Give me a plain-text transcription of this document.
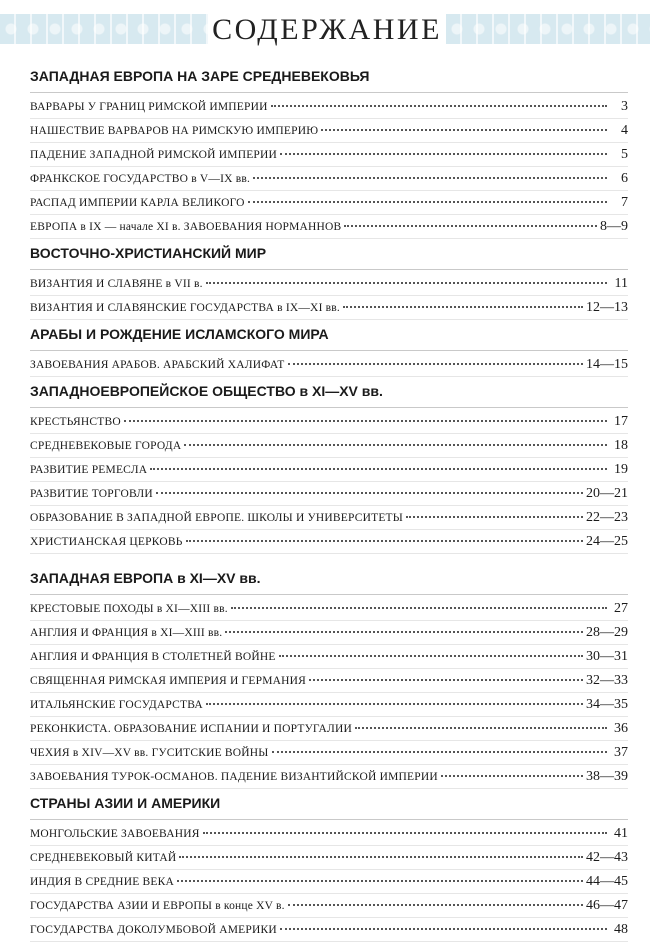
СОДЕРЖАНИЕ
ЗАПАДНАЯ ЕВРОПА НА ЗАРЕ СРЕДНЕВЕКОВЬЯ
ВАРВАРЫ У ГРАНИЦ РИМСКОЙ ИМПЕРИИ	3
НАШЕСТВИЕ ВАРВАРОВ НА РИМСКУЮ ИМПЕРИЮ	4
ПАДЕНИЕ ЗАПАДНОЙ РИМСКОЙ ИМПЕРИИ	5
ФРАНКСКОЕ ГОСУДАРСТВО в V—IX вв.	6
РАСПАД ИМПЕРИИ КАРЛА ВЕЛИКОГО	7
ЕВРОПА в IX — начале XI в. ЗАВОЕВАНИЯ НОРМАННОВ	8—9
ВОСТОЧНО-ХРИСТИАНСКИЙ МИР
ВИЗАНТИЯ И СЛАВЯНЕ в VII в.	11
ВИЗАНТИЯ И СЛАВЯНСКИЕ ГОСУДАРСТВА в IX—XI вв.	12—13
АРАБЫ И РОЖДЕНИЕ ИСЛАМСКОГО МИРА
ЗАВОЕВАНИЯ АРАБОВ. АРАБСКИЙ ХАЛИФАТ	14—15
ЗАПАДНОЕВРОПЕЙСКОЕ ОБЩЕСТВО в XI—XV вв.
КРЕСТЬЯНСТВО	17
СРЕДНЕВЕКОВЫЕ ГОРОДА	18
РАЗВИТИЕ РЕМЕСЛА	19
РАЗВИТИЕ ТОРГОВЛИ	20—21
ОБРАЗОВАНИЕ В ЗАПАДНОЙ ЕВРОПЕ. ШКОЛЫ И УНИВЕРСИТЕТЫ	22—23
ХРИСТИАНСКАЯ ЦЕРКОВЬ	24—25
ЗАПАДНАЯ ЕВРОПА в XI—XV вв.
КРЕСТОВЫЕ ПОХОДЫ в XI—XIII вв.	27
АНГЛИЯ И ФРАНЦИЯ в XI—XIII вв.	28—29
АНГЛИЯ И ФРАНЦИЯ В СТОЛЕТНЕЙ ВОЙНЕ	30—31
СВЯЩЕННАЯ РИМСКАЯ ИМПЕРИЯ И ГЕРМАНИЯ	32—33
ИТАЛЬЯНСКИЕ ГОСУДАРСТВА	34—35
РЕКОНКИСТА. ОБРАЗОВАНИЕ ИСПАНИИ И ПОРТУГАЛИИ	36
ЧЕХИЯ в XIV—XV вв. ГУСИТСКИЕ ВОЙНЫ	37
ЗАВОЕВАНИЯ ТУРОК-ОСМАНОВ. ПАДЕНИЕ ВИЗАНТИЙСКОЙ ИМПЕРИИ	38—39
СТРАНЫ АЗИИ И АМЕРИКИ
МОНГОЛЬСКИЕ ЗАВОЕВАНИЯ	41
СРЕДНЕВЕКОВЫЙ КИТАЙ	42—43
ИНДИЯ В СРЕДНИЕ ВЕКА	44—45
ГОСУДАРСТВА АЗИИ И ЕВРОПЫ в конце XV в.	46—47
ГОСУДАРСТВА ДОКОЛУМБОВОЙ АМЕРИКИ	48
